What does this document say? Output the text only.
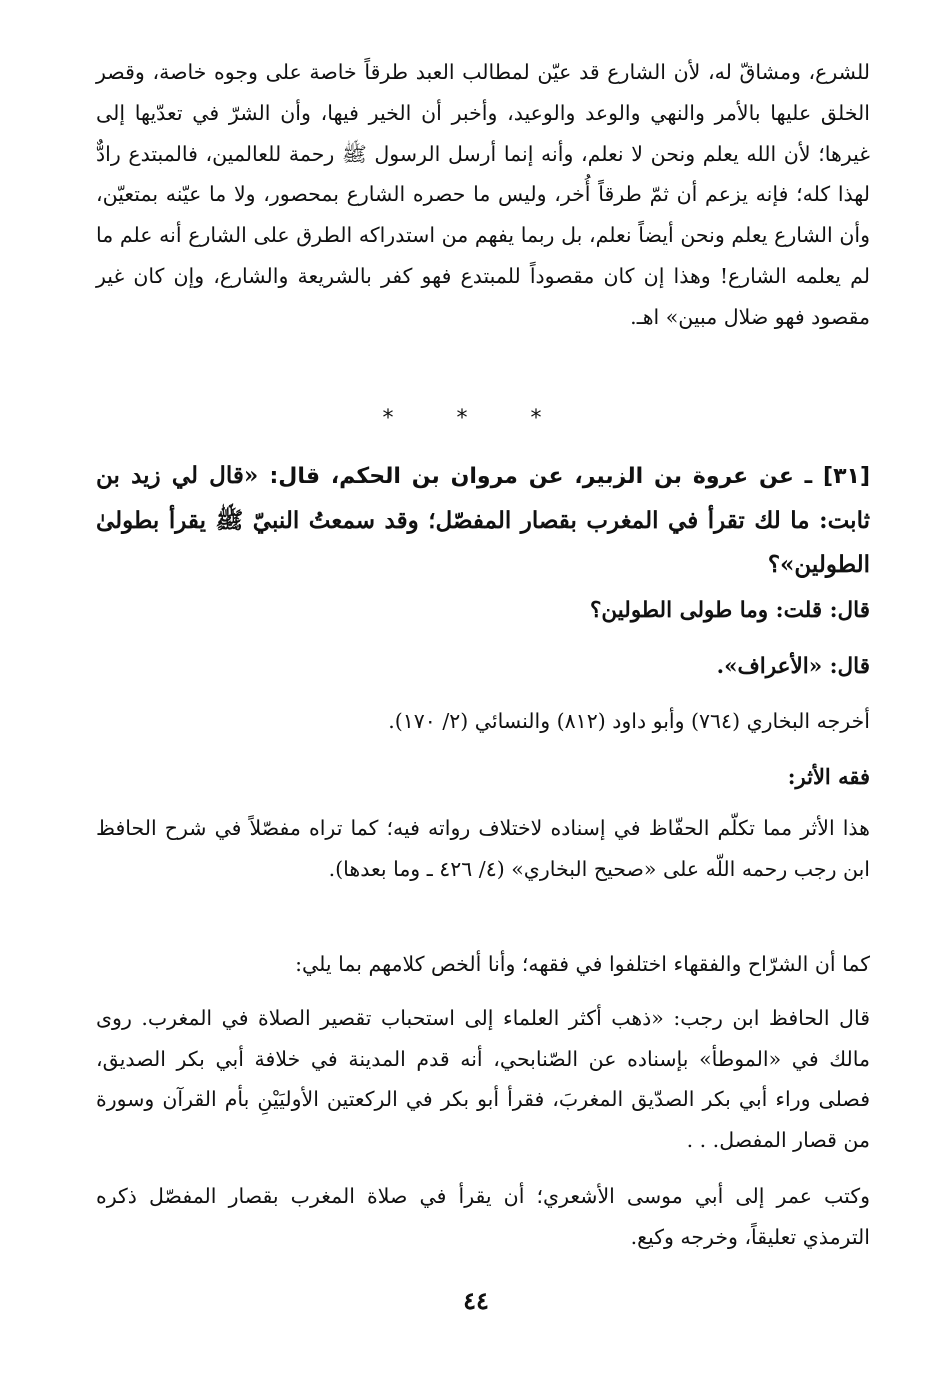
للشرع، ومشاقّ له، لأن الشارع قد عيّن لمطالب العبد طرقاً خاصة على وجوه خاصة، وقصر الخلق عليها بالأمر والنهي والوعد والوعيد، وأخبر أن الخير فيها، وأن الشرّ في تعدّيها إلى غيرها؛ لأن الله يعلم ونحن لا نعلم، وأنه إنما أرسل الرسول ﷺ رحمة للعالمين، فالمبتدع رادٌّ لهذا كله؛ فإنه يزعم أن ثمّ طرقاً أُخر، وليس ما حصره الشارع بمحصور، ولا ما عيّنه بمتعيّن، وأن الشارع يعلم ونحن أيضاً نعلم، بل ربما يفهم من استدراكه الطرق على الشارع أنه علم ما لم يعلمه الشارع! وهذا إن كان مقصوداً للمبتدع فهو كفر بالشريعة والشارع، وإن كان غير مقصود فهو ضلال مبين» اهـ.
* * *
[٣١] ـ عن عروة بن الزبير، عن مروان بن الحكم، قال: «قال لي زيد بن ثابت: ما لك تقرأ في المغرب بقصار المفصّل؛ وقد سمعتُ النبيّ ﷺ يقرأ بطولىٰ الطولين»؟
قال: قلت: وما طولى الطولين؟
قال: «الأعراف».
أخرجه البخاري (٧٦٤) وأبو داود (٨١٢) والنسائي (٢/ ١٧٠).
فقه الأثر:
هذا الأثر مما تكلّم الحفّاظ في إسناده لاختلاف رواته فيه؛ كما تراه مفصّلاً في شرح الحافظ ابن رجب رحمه اللّه على «صحيح البخاري» (٤/ ٤٢٦ ـ وما بعدها).
كما أن الشرّاح والفقهاء اختلفوا في فقهه؛ وأنا ألخص كلامهم بما يلي:
قال الحافظ ابن رجب: «ذهب أكثر العلماء إلى استحباب تقصير الصلاة في المغرب. روى مالك في «الموطأ» بإسناده عن الصّنابحي، أنه قدم المدينة في خلافة أبي بكر الصديق، فصلى وراء أبي بكر الصدّيق المغربَ، فقرأ أبو بكر في الركعتين الأوليَيْنِ بأم القرآن وسورة من قصار المفصل. . .
وكتب عمر إلى أبي موسى الأشعري؛ أن يقرأ في صلاة المغرب بقصار المفصّل ذكره الترمذي تعليقاً، وخرجه وكيع.
٤٤
